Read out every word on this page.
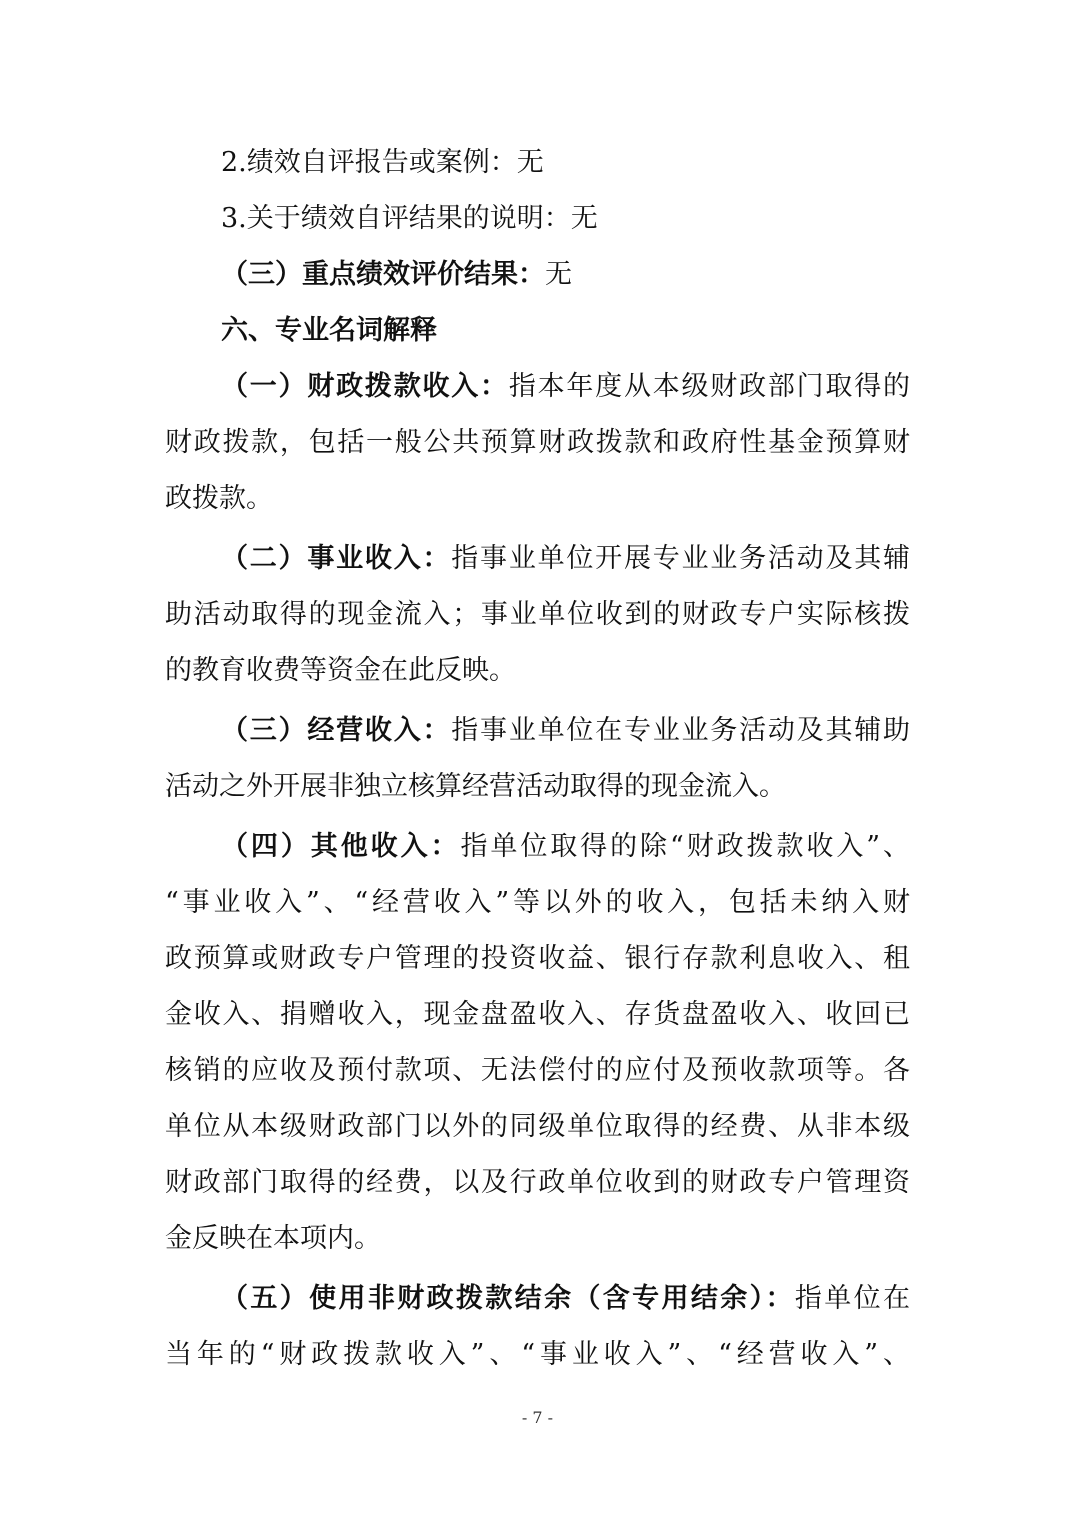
2.绩效自评报告或案例：无
3.关于绩效自评结果的说明：无
（三）重点绩效评价结果：无
六、专业名词解释
（一）财政拨款收入：指本年度从本级财政部门取得的
财政拨款，包括一般公共预算财政拨款和政府性基金预算财
政拨款。
（二）事业收入：指事业单位开展专业业务活动及其辅
助活动取得的现金流入；事业单位收到的财政专户实际核拨
的教育收费等资金在此反映。
（三）经营收入：指事业单位在专业业务活动及其辅助
活动之外开展非独立核算经营活动取得的现金流入。
（四）其他收入：指单位取得的除“财政拨款收入”、
“事业收入”、“经营收入”等以外的收入，包括未纳入财
政预算或财政专户管理的投资收益、银行存款利息收入、租
金收入、捐赠收入，现金盘盈收入、存货盘盈收入、收回已
核销的应收及预付款项、无法偿付的应付及预收款项等。各
单位从本级财政部门以外的同级单位取得的经费、从非本级
财政部门取得的经费，以及行政单位收到的财政专户管理资
金反映在本项内。
（五）使用非财政拨款结余（含专用结余）：指单位在
当年的“财政拨款收入”、“事业收入”、“经营收入”、
- 7 -
